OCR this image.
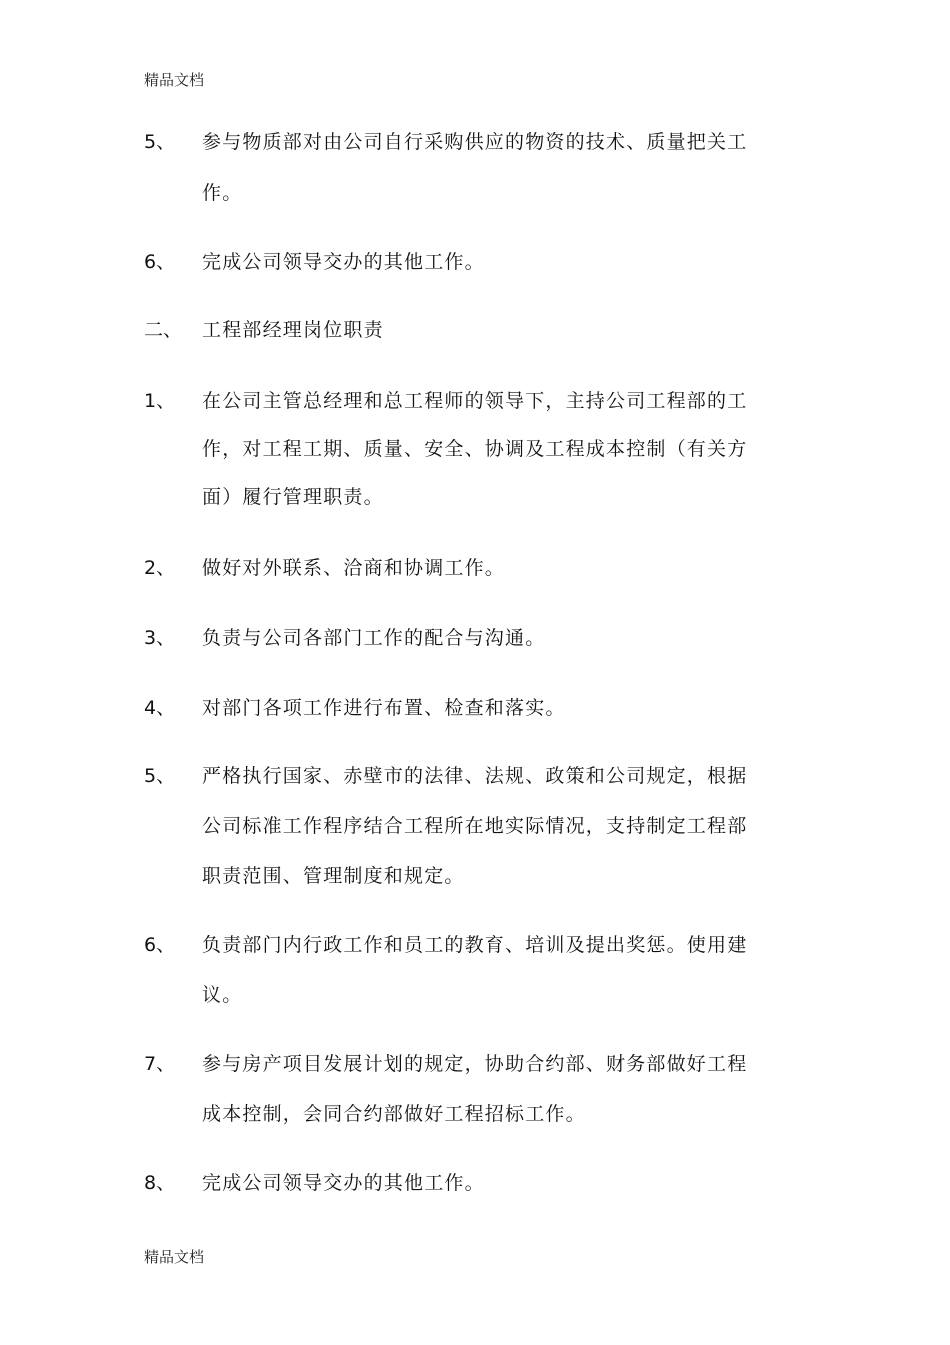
精品文档
5、 参与物质部对由公司自行采购供应的物资的技术、质量把关工
作。
6、 完成公司领导交办的其他工作。
二、 工程部经理岗位职责
1、 在公司主管总经理和总工程师的领导下，主持公司工程部的工
作，对工程工期、质量、安全、协调及工程成本控制（有关方
面）履行管理职责。
2、 做好对外联系、洽商和协调工作。
3、 负责与公司各部门工作的配合与沟通。
4、 对部门各项工作进行布置、检查和落实。
5、 严格执行国家、赤壁市的法律、法规、政策和公司规定，根据
公司标准工作程序结合工程所在地实际情况，支持制定工程部
职责范围、管理制度和规定。
6、 负责部门内行政工作和员工的教育、培训及提出奖惩。使用建
议。
7、 参与房产项目发展计划的规定，协助合约部、财务部做好工程
成本控制，会同合约部做好工程招标工作。
8、 完成公司领导交办的其他工作。
精品文档
